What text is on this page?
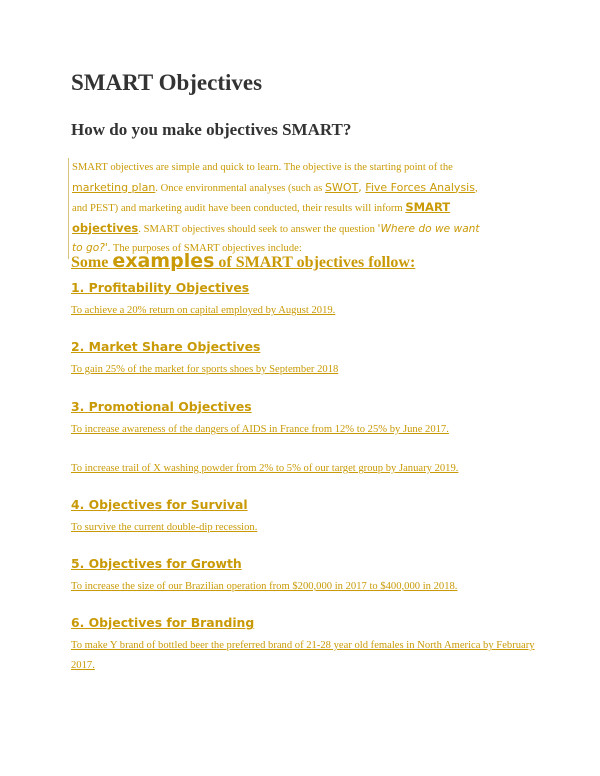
SMART Objectives
How do you make objectives SMART?
SMART objectives are simple and quick to learn. The objective is the starting point of the marketing plan. Once environmental analyses (such as SWOT, Five Forces Analysis, and PEST) and marketing audit have been conducted, their results will inform SMART objectives. SMART objectives should seek to answer the question 'Where do we want to go?'. The purposes of SMART objectives include:
Some examples of SMART objectives follow:
1. Profitability Objectives
To achieve a 20% return on capital employed by August 2019.
2. Market Share Objectives
To gain 25% of the market for sports shoes by September 2018
3. Promotional Objectives
To increase awareness of the dangers of AIDS in France from 12% to 25% by June 2017.
To increase trail of X washing powder from 2% to 5% of our target group by January 2019.
4. Objectives for Survival
To survive the current double-dip recession.
5. Objectives for Growth
To increase the size of our Brazilian operation from $200,000 in 2017 to $400,000 in 2018.
6. Objectives for Branding
To make Y brand of bottled beer the preferred brand of 21-28 year old females in North America by February 2017.
